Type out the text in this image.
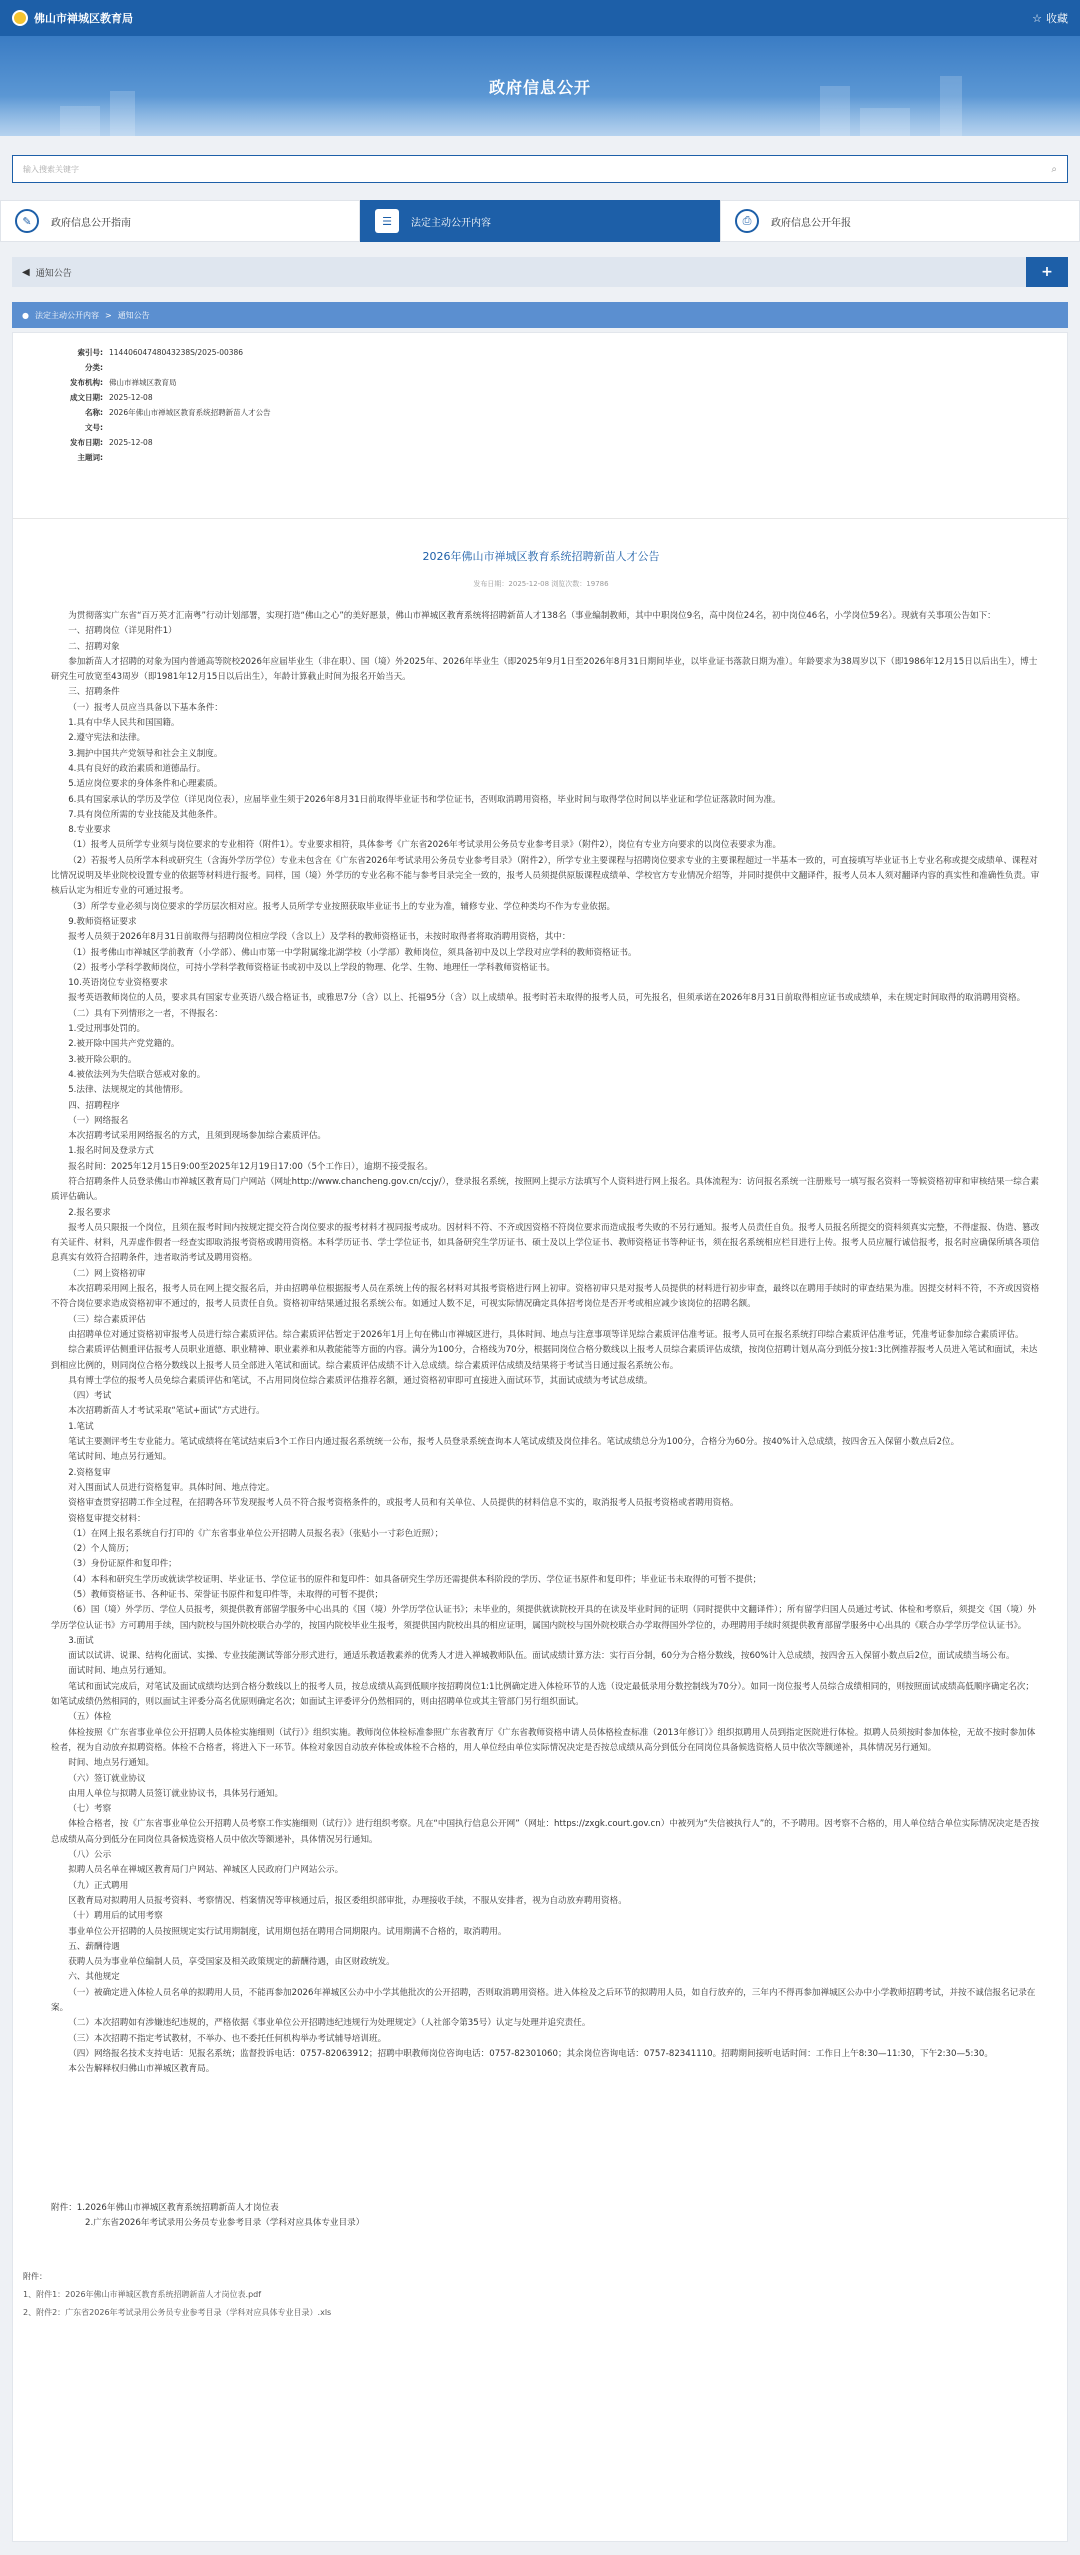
佛山市禅城区教育局	☆ 收藏
政府信息公开
输入搜索关键字	⌕
✎	政府信息公开指南	☰	法定主动公开内容	⎙	政府信息公开年报
◀ 通知公告	+
● 法定主动公开内容 > 通知公告
索引号: 11440604748043238S/2025-00386
分类:
发布机构: 佛山市禅城区教育局
成文日期: 2025-12-08
名称: 2026年佛山市禅城区教育系统招聘新苗人才公告
文号:
发布日期: 2025-12-08
主题词:
2026年佛山市禅城区教育系统招聘新苗人才公告
发布日期：2025-12-08 浏览次数：19786

为贯彻落实广东省“百万英才汇南粤”行动计划部署，实现打造“佛山之心”的美好愿景，佛山市禅城区教育系统将招聘新苗人才138名（事业编制教师，其中中职岗位9名，高中岗位24名，初中岗位46名，小学岗位59名）。现就有关事项公告如下：

一、招聘岗位（详见附件1）

二、招聘对象

参加新苗人才招聘的对象为国内普通高等院校2026年应届毕业生（非在职）、国（境）外2025年、2026年毕业生（即2025年9月1日至2026年8月31日期间毕业，以毕业证书落款日期为准）。年龄要求为38周岁以下（即1986年12月15日以后出生），博士研究生可放宽至43周岁（即1981年12月15日以后出生），年龄计算截止时间为报名开始当天。

三、招聘条件

（一）报考人员应当具备以下基本条件：

1.具有中华人民共和国国籍。

2.遵守宪法和法律。

3.拥护中国共产党领导和社会主义制度。

4.具有良好的政治素质和道德品行。

5.适应岗位要求的身体条件和心理素质。

6.具有国家承认的学历及学位（详见岗位表），应届毕业生须于2026年8月31日前取得毕业证书和学位证书，否则取消聘用资格，毕业时间与取得学位时间以毕业证和学位证落款时间为准。

7.具有岗位所需的专业技能及其他条件。

8.专业要求

（1）报考人员所学专业须与岗位要求的专业相符（附件1）。专业要求相符，具体参考《广东省2026年考试录用公务员专业参考目录》（附件2），岗位有专业方向要求的以岗位表要求为准。

（2）若报考人员所学本科或研究生（含海外学历学位）专业未包含在《广东省2026年考试录用公务员专业参考目录》（附件2），所学专业主要课程与招聘岗位要求专业的主要课程超过一半基本一致的，可直接填写毕业证书上专业名称或提交成绩单、课程对比情况说明及毕业院校设置专业的依据等材料进行报考。同样，国（境）外学历的专业名称不能与参考目录完全一致的，报考人员须提供原版课程成绩单、学校官方专业情况介绍等，并同时提供中文翻译件，报考人员本人须对翻译内容的真实性和准确性负责。审核后认定为相近专业的可通过报考。

（3）所学专业必须与岗位要求的学历层次相对应。报考人员所学专业按照获取毕业证书上的专业为准，辅修专业、学位种类均不作为专业依据。

9.教师资格证要求

报考人员须于2026年8月31日前取得与招聘岗位相应学段（含以上）及学科的教师资格证书，未按时取得者将取消聘用资格，其中：

（1）报考佛山市禅城区学前教育（小学部）、佛山市第一中学附属缘北湖学校（小学部）教师岗位，须具备初中及以上学段对应学科的教师资格证书。

（2）报考小学科学教师岗位，可持小学科学教师资格证书或初中及以上学段的物理、化学、生物、地理任一学科教师资格证书。

10.英语岗位专业资格要求

报考英语教师岗位的人员，要求具有国家专业英语八级合格证书，或雅思7分（含）以上、托福95分（含）以上成绩单。报考时若未取得的报考人员，可先报名，但须承诺在2026年8月31日前取得相应证书或成绩单，未在规定时间取得的取消聘用资格。

（二）具有下列情形之一者，不得报名：

1.受过刑事处罚的。

2.被开除中国共产党党籍的。

3.被开除公职的。

4.被依法列为失信联合惩戒对象的。

5.法律、法规规定的其他情形。

四、招聘程序

（一）网络报名

本次招聘考试采用网络报名的方式，且须到现场参加综合素质评估。

1.报名时间及登录方式

报名时间：2025年12月15日9:00至2025年12月19日17:00（5个工作日），逾期不接受报名。

符合招聘条件人员登录佛山市禅城区教育局门户网站（网址http://www.chancheng.gov.cn/ccjy/），登录报名系统，按照网上提示方法填写个人资料进行网上报名。具体流程为：访问报名系统一注册账号一填写报名资料一等候资格初审和审核结果一综合素质评估确认。

2.报名要求

报考人员只限报一个岗位，且须在报考时间内按规定提交符合岗位要求的报考材料才视同报考成功。因材料不符、不齐或因资格不符岗位要求而造成报考失败的不另行通知。报考人员责任自负。报考人员报名所提交的资料须真实完整，不得虚报、伪造、篡改有关证件、材料，凡弄虚作假者一经查实即取消报考资格或聘用资格。本科学历证书、学士学位证书，如具备研究生学历证书、硕士及以上学位证书、教师资格证书等种证书，须在报名系统相应栏目进行上传。报考人员应履行诚信报考，报名时应确保所填各项信息真实有效符合招聘条件，违者取消考试及聘用资格。

（二）网上资格初审

本次招聘采用网上报名，报考人员在网上提交报名后，并由招聘单位根据报考人员在系统上传的报名材料对其报考资格进行网上初审。资格初审只是对报考人员提供的材料进行初步审查，最终以在聘用手续时的审查结果为准。因提交材料不符，不齐或因资格不符合岗位要求造成资格初审不通过的，报考人员责任自负。资格初审结果通过报名系统公布。如通过人数不足，可视实际情况确定具体招考岗位是否开考或相应减少该岗位的招聘名额。

（三）综合素质评估

由招聘单位对通过资格初审报考人员进行综合素质评估。综合素质评估暂定于2026年1月上旬在佛山市禅城区进行，具体时间、地点与注意事项等详见综合素质评估准考证。报考人员可在报名系统打印综合素质评估准考证，凭准考证参加综合素质评估。

综合素质评估侧重评估报考人员职业道德、职业精神、职业素养和从教能能等方面的内容。满分为100分，合格线为70分，根据同岗位合格分数线以上报考人员综合素质评估成绩，按岗位招聘计划从高分到低分按1:3比例推荐报考人员进入笔试和面试，未达到相应比例的，则同岗位合格分数线以上报考人员全部进入笔试和面试。综合素质评估成绩不计入总成绩。综合素质评估成绩及结果将于考试当日通过报名系统公布。

具有博士学位的报考人员免综合素质评估和笔试，不占用同岗位综合素质评估推荐名额，通过资格初审即可直接进入面试环节，其面试成绩为考试总成绩。

（四）考试

本次招聘新苗人才考试采取“笔试+面试”方式进行。

1.笔试

笔试主要测评考生专业能力。笔试成绩将在笔试结束后3个工作日内通过报名系统统一公布，报考人员登录系统查询本人笔试成绩及岗位排名。笔试成绩总分为100分，合格分为60分。按40%计入总成绩，按四舍五入保留小数点后2位。

笔试时间、地点另行通知。

2.资格复审

对入围面试人员进行资格复审。具体时间、地点待定。

资格审查贯穿招聘工作全过程，在招聘各环节发现报考人员不符合报考资格条件的，或报考人员和有关单位、人员提供的材料信息不实的，取消报考人员报考资格或者聘用资格。

资格复审提交材料：

（1）在网上报名系统自行打印的《广东省事业单位公开招聘人员报名表》（张贴小一寸彩色近照）；

（2）个人简历；

（3）身份证原件和复印件；

（4）本科和研究生学历或就读学校证明、毕业证书、学位证书的原件和复印件：如具备研究生学历还需提供本科阶段的学历、学位证书原件和复印件；毕业证书未取得的可暂不提供；

（5）教师资格证书、各种证书、荣誉证书原件和复印件等，未取得的可暂不提供；

（6）国（境）外学历、学位人员报考，须提供教育部留学服务中心出具的《国（境）外学历学位认证书》；未毕业的，须提供就读院校开具的在读及毕业时间的证明（同时提供中文翻译件）；所有留学归国人员通过考试、体检和考察后，须提交《国（境）外学历学位认证书》方可聘用手续，国内院校与国外院校联合办学的，按国内院校毕业生报考，须提供国内院校出具的相应证明，属国内院校与国外院校联合办学取得国外学位的，办理聘用手续时须提供教育部留学服务中心出具的《联合办学学历学位认证书》。

3.面试

面试以试讲、说课、结构化面试、实操、专业技能测试等部分形式进行，通适乐教适教素养的优秀人才进入禅城教师队伍。面试成绩计算方法：实行百分制，60分为合格分数线，按60%计入总成绩，按四舍五入保留小数点后2位，面试成绩当场公布。

面试时间、地点另行通知。

笔试和面试完成后，对笔试及面试成绩均达到合格分数线以上的报考人员，按总成绩从高到低顺序按招聘岗位1:1比例确定进入体检环节的人选（设定最低录用分数控制线为70分）。如同一岗位报考人员综合成绩相同的，则按照面试成绩高低顺序确定名次；如笔试成绩仍然相同的，则以面试主评委分高名优原则确定名次；如面试主评委评分仍然相同的，则由招聘单位或其主管部门另行组织面试。

（五）体检

体检按照《广东省事业单位公开招聘人员体检实施细则（试行）》组织实施。教师岗位体检标准参照广东省教育厅《广东省教师资格申请人员体格检查标准（2013年修订）》组织拟聘用人员到指定医院进行体检。拟聘人员须按时参加体检，无故不按时参加体检者，视为自动放弃拟聘资格。体检不合格者，将进入下一环节。体检对象因自动放弃体检或体检不合格的，用人单位经由单位实际情况决定是否按总成绩从高分到低分在同岗位具备候选资格人员中依次等额递补，具体情况另行通知。

时间、地点另行通知。

（六）签订就业协议

由用人单位与拟聘人员签订就业协议书，具体另行通知。

（七）考察

体检合格者，按《广东省事业单位公开招聘人员考察工作实施细则（试行）》进行组织考察。凡在“中国执行信息公开网”（网址：https://zxgk.court.gov.cn）中被列为“失信被执行人”的，不予聘用。因考察不合格的，用人单位结合单位实际情况决定是否按总成绩从高分到低分在同岗位具备候选资格人员中依次等额递补，具体情况另行通知。

（八）公示

拟聘人员名单在禅城区教育局门户网站、禅城区人民政府门户网站公示。

（九）正式聘用

区教育局对拟聘用人员报考资料、考察情况、档案情况等审核通过后，报区委组织部审批，办理接收手续，不服从安排者，视为自动放弃聘用资格。

（十）聘用后的试用考察

事业单位公开招聘的人员按照规定实行试用期制度，试用期包括在聘用合同期限内。试用期满不合格的，取消聘用。

五、薪酬待遇

获聘人员为事业单位编制人员，享受国家及相关政策规定的薪酬待遇，由区财政统发。

六、其他规定

（一）被确定进入体检人员名单的拟聘用人员，不能再参加2026年禅城区公办中小学其他批次的公开招聘，否则取消聘用资格。进入体检及之后环节的拟聘用人员，如自行放弃的，三年内不得再参加禅城区公办中小学教师招聘考试，并按不诚信报名记录在案。

（二）本次招聘如有涉嫌违纪违规的，严格依据《事业单位公开招聘违纪违规行为处理规定》（人社部令第35号）认定与处理并追究责任。

（三）本次招聘不指定考试教材，不举办、也不委托任何机构举办考试辅导培训班。

（四）网络报名技术支持电话：见报名系统；监督投诉电话：0757-82063912；招聘中职教师岗位咨询电话：0757-82301060；其余岗位咨询电话：0757-82341110。招聘期间接听电话时间：工作日上午8:30—11:30，下午2:30—5:30。

本公告解释权归佛山市禅城区教育局。

附件：1.2026年佛山市禅城区教育系统招聘新苗人才岗位表
2.广东省2026年考试录用公务员专业参考目录（学科对应具体专业目录）
附件：
1、附件1：2026年佛山市禅城区教育系统招聘新苗人才岗位表.pdf
2、附件2：广东省2026年考试录用公务员专业参考目录（学科对应具体专业目录）.xls
